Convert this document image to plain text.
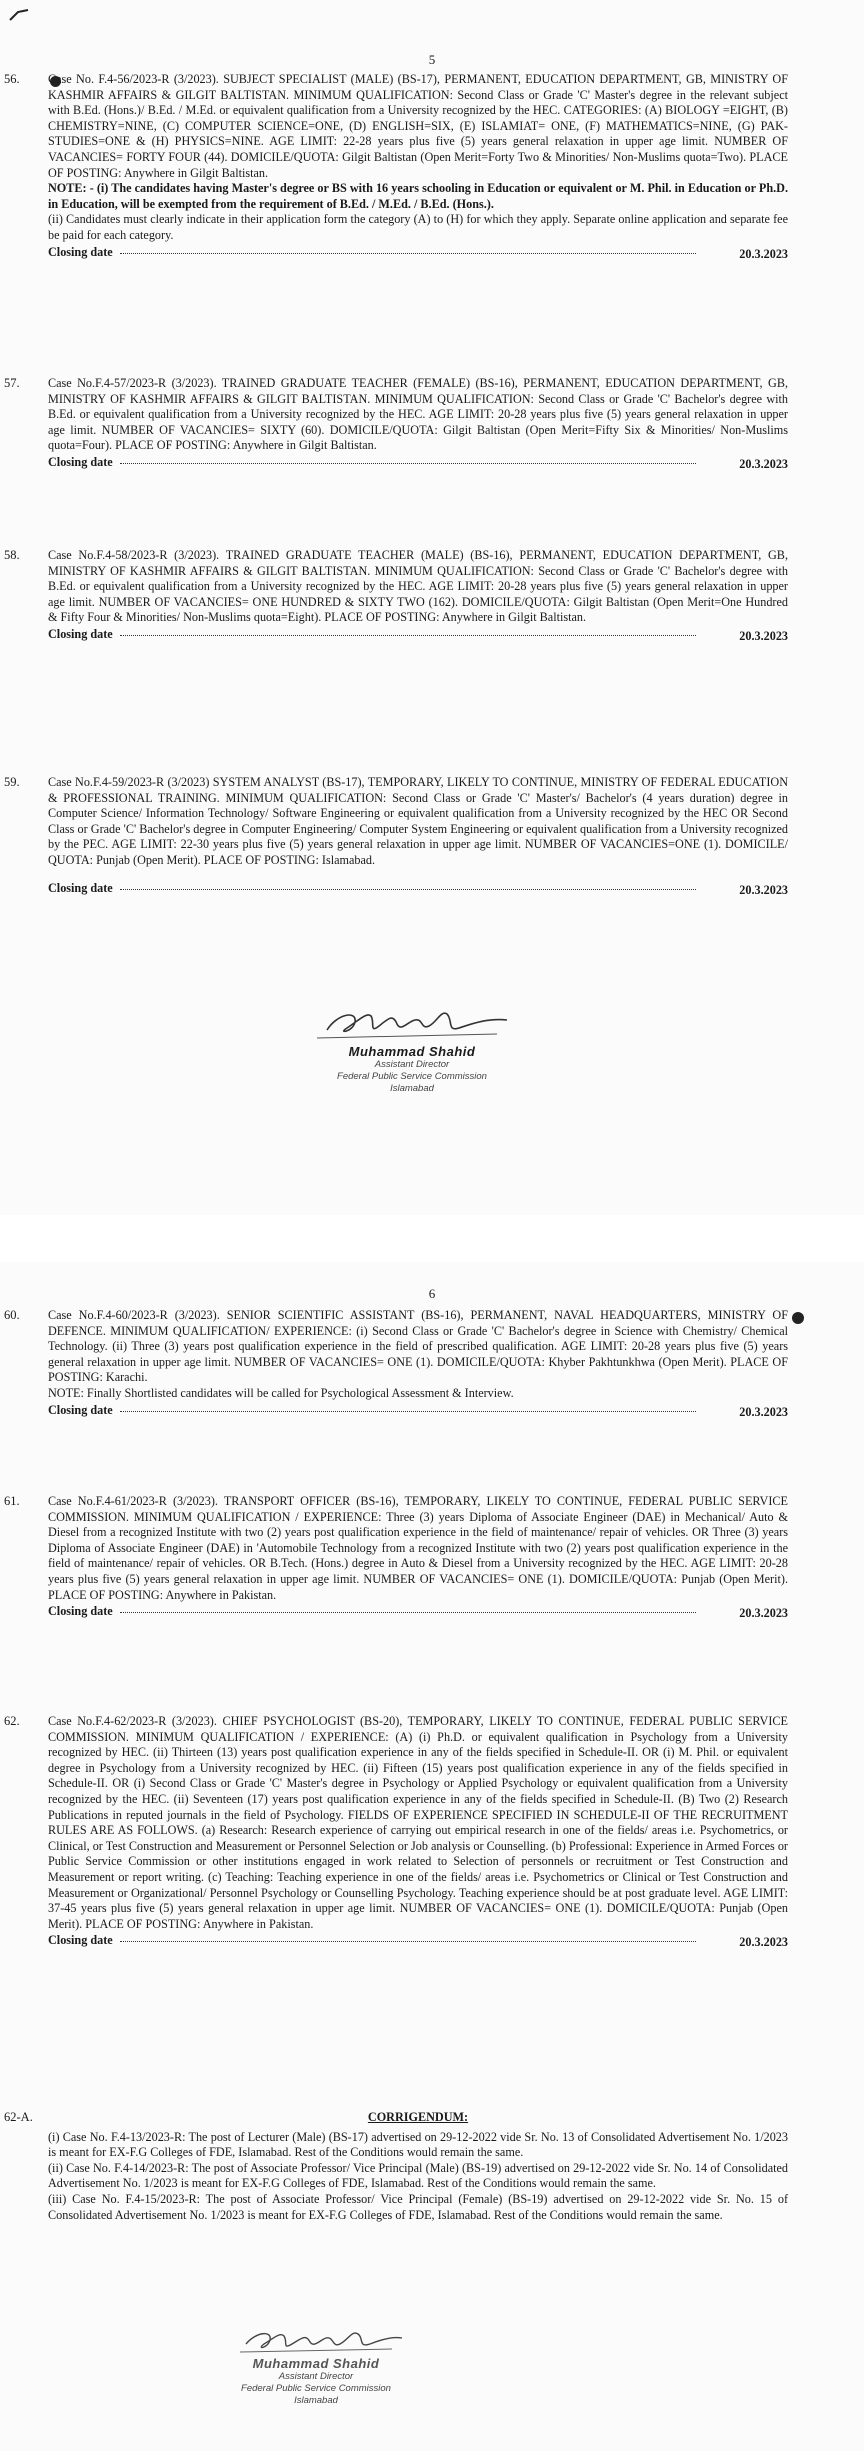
5
56. Case No. F.4-56/2023-R (3/2023). SUBJECT SPECIALIST (MALE) (BS-17), PERMANENT, EDUCATION DEPARTMENT, GB, MINISTRY OF KASHMIR AFFAIRS & GILGIT BALTISTAN. MINIMUM QUALIFICATION: Second Class or Grade 'C' Master's degree in the relevant subject with B.Ed. (Hons.)/ B.Ed. / M.Ed. or equivalent qualification from a University recognized by the HEC. CATEGORIES: (A) BIOLOGY =EIGHT, (B) CHEMISTRY=NINE, (C) COMPUTER SCIENCE=ONE, (D) ENGLISH=SIX, (E) ISLAMIAT= ONE, (F) MATHEMATICS=NINE, (G) PAK- STUDIES=ONE & (H) PHYSICS=NINE. AGE LIMIT: 22-28 years plus five (5) years general relaxation in upper age limit. NUMBER OF VACANCIES= FORTY FOUR (44). DOMICILE/QUOTA: Gilgit Baltistan (Open Merit=Forty Two & Minorities/ Non-Muslims quota=Two). PLACE OF POSTING: Anywhere in Gilgit Baltistan.

NOTE: - (i) The candidates having Master's degree or BS with 16 years schooling in Education or equivalent or M. Phil. in Education or Ph.D. in Education, will be exempted from the requirement of B.Ed. / M.Ed. / B.Ed. (Hons.).

(ii) Candidates must clearly indicate in their application form the category (A) to (H) for which they apply. Separate online application and separate fee be paid for each category.

Closing date	20.3.2023
57. Case No.F.4-57/2023-R (3/2023). TRAINED GRADUATE TEACHER (FEMALE) (BS-16), PERMANENT, EDUCATION DEPARTMENT, GB, MINISTRY OF KASHMIR AFFAIRS & GILGIT BALTISTAN. MINIMUM QUALIFICATION: Second Class or Grade 'C' Bachelor's degree with B.Ed. or equivalent qualification from a University recognized by the HEC. AGE LIMIT: 20-28 years plus five (5) years general relaxation in upper age limit. NUMBER OF VACANCIES= SIXTY (60). DOMICILE/QUOTA: Gilgit Baltistan (Open Merit=Fifty Six & Minorities/ Non-Muslims quota=Four). PLACE OF POSTING: Anywhere in Gilgit Baltistan.

Closing date	20.3.2023
58. Case No.F.4-58/2023-R (3/2023). TRAINED GRADUATE TEACHER (MALE) (BS-16), PERMANENT, EDUCATION DEPARTMENT, GB, MINISTRY OF KASHMIR AFFAIRS & GILGIT BALTISTAN. MINIMUM QUALIFICATION: Second Class or Grade 'C' Bachelor's degree with B.Ed. or equivalent qualification from a University recognized by the HEC. AGE LIMIT: 20-28 years plus five (5) years general relaxation in upper age limit. NUMBER OF VACANCIES= ONE HUNDRED & SIXTY TWO (162). DOMICILE/QUOTA: Gilgit Baltistan (Open Merit=One Hundred & Fifty Four & Minorities/ Non-Muslims quota=Eight). PLACE OF POSTING: Anywhere in Gilgit Baltistan.

Closing date	20.3.2023
59. Case No.F.4-59/2023-R (3/2023) SYSTEM ANALYST (BS-17), TEMPORARY, LIKELY TO CONTINUE, MINISTRY OF FEDERAL EDUCATION & PROFESSIONAL TRAINING. MINIMUM QUALIFICATION: Second Class or Grade 'C' Master's/ Bachelor's (4 years duration) degree in Computer Science/ Information Technology/ Software Engineering or equivalent qualification from a University recognized by the HEC OR Second Class or Grade 'C' Bachelor's degree in Computer Engineering/ Computer System Engineering or equivalent qualification from a University recognized by the PEC. AGE LIMIT: 22-30 years plus five (5) years general relaxation in upper age limit. NUMBER OF VACANCIES=ONE (1). DOMICILE/ QUOTA: Punjab (Open Merit). PLACE OF POSTING: Islamabad.

Closing date	20.3.2023
Muhammad Shahid
Assistant Director
Federal Public Service Commission
Islamabad
6
60. Case No.F.4-60/2023-R (3/2023). SENIOR SCIENTIFIC ASSISTANT (BS-16), PERMANENT, NAVAL HEADQUARTERS, MINISTRY OF DEFENCE. MINIMUM QUALIFICATION/ EXPERIENCE: (i) Second Class or Grade 'C' Bachelor's degree in Science with Chemistry/ Chemical Technology. (ii) Three (3) years post qualification experience in the field of prescribed qualification. AGE LIMIT: 20-28 years plus five (5) years general relaxation in upper age limit. NUMBER OF VACANCIES= ONE (1). DOMICILE/QUOTA: Khyber Pakhtunkhwa (Open Merit). PLACE OF POSTING: Karachi.

NOTE: Finally Shortlisted candidates will be called for Psychological Assessment & Interview.

Closing date	20.3.2023
61. Case No.F.4-61/2023-R (3/2023). TRANSPORT OFFICER (BS-16), TEMPORARY, LIKELY TO CONTINUE, FEDERAL PUBLIC SERVICE COMMISSION. MINIMUM QUALIFICATION / EXPERIENCE: Three (3) years Diploma of Associate Engineer (DAE) in Mechanical/ Auto & Diesel from a recognized Institute with two (2) years post qualification experience in the field of maintenance/ repair of vehicles. OR Three (3) years Diploma of Associate Engineer (DAE) in 'Automobile Technology from a recognized Institute with two (2) years post qualification experience in the field of maintenance/ repair of vehicles. OR B.Tech. (Hons.) degree in Auto & Diesel from a University recognized by the HEC. AGE LIMIT: 20-28 years plus five (5) years general relaxation in upper age limit. NUMBER OF VACANCIES= ONE (1). DOMICILE/QUOTA: Punjab (Open Merit). PLACE OF POSTING: Anywhere in Pakistan.

Closing date	20.3.2023
62. Case No.F.4-62/2023-R (3/2023). CHIEF PSYCHOLOGIST (BS-20), TEMPORARY, LIKELY TO CONTINUE, FEDERAL PUBLIC SERVICE COMMISSION. MINIMUM QUALIFICATION / EXPERIENCE: (A) (i) Ph.D. or equivalent qualification in Psychology from a University recognized by HEC. (ii) Thirteen (13) years post qualification experience in any of the fields specified in Schedule-II. OR (i) M. Phil. or equivalent degree in Psychology from a University recognized by HEC. (ii) Fifteen (15) years post qualification experience in any of the fields specified in Schedule-II. OR (i) Second Class or Grade 'C' Master's degree in Psychology or Applied Psychology or equivalent qualification from a University recognized by the HEC. (ii) Seventeen (17) years post qualification experience in any of the fields specified in Schedule-II. (B) Two (2) Research Publications in reputed journals in the field of Psychology. FIELDS OF EXPERIENCE SPECIFIED IN SCHEDULE-II OF THE RECRUITMENT RULES ARE AS FOLLOWS. (a) Research: Research experience of carrying out empirical research in one of the fields/ areas i.e. Psychometrics, or Clinical, or Test Construction and Measurement or Personnel Selection or Job analysis or Counselling. (b) Professional: Experience in Armed Forces or Public Service Commission or other institutions engaged in work related to Selection of personnels or recruitment or Test Construction and Measurement or report writing. (c) Teaching: Teaching experience in one of the fields/ areas i.e. Psychometrics or Clinical or Test Construction and Measurement or Organizational/ Personnel Psychology or Counselling Psychology. Teaching experience should be at post graduate level. AGE LIMIT: 37-45 years plus five (5) years general relaxation in upper age limit. NUMBER OF VACANCIES= ONE (1). DOMICILE/QUOTA: Punjab (Open Merit). PLACE OF POSTING: Anywhere in Pakistan.

Closing date	20.3.2023
62-A.	CORRIGENDUM:

(i) Case No. F.4-13/2023-R: The post of Lecturer (Male) (BS-17) advertised on 29-12-2022 vide Sr. No. 13 of Consolidated Advertisement No. 1/2023 is meant for EX-F.G Colleges of FDE, Islamabad. Rest of the Conditions would remain the same.

(ii) Case No. F.4-14/2023-R: The post of Associate Professor/ Vice Principal (Male) (BS-19) advertised on 29-12-2022 vide Sr. No. 14 of Consolidated Advertisement No. 1/2023 is meant for EX-F.G Colleges of FDE, Islamabad. Rest of the Conditions would remain the same.

(iii) Case No. F.4-15/2023-R: The post of Associate Professor/ Vice Principal (Female) (BS-19) advertised on 29-12-2022 vide Sr. No. 15 of Consolidated Advertisement No. 1/2023 is meant for EX-F.G Colleges of FDE, Islamabad. Rest of the Conditions would remain the same.

Muhammad Shahid
Assistant Director
Federal Public Service Commission
Islamabad
